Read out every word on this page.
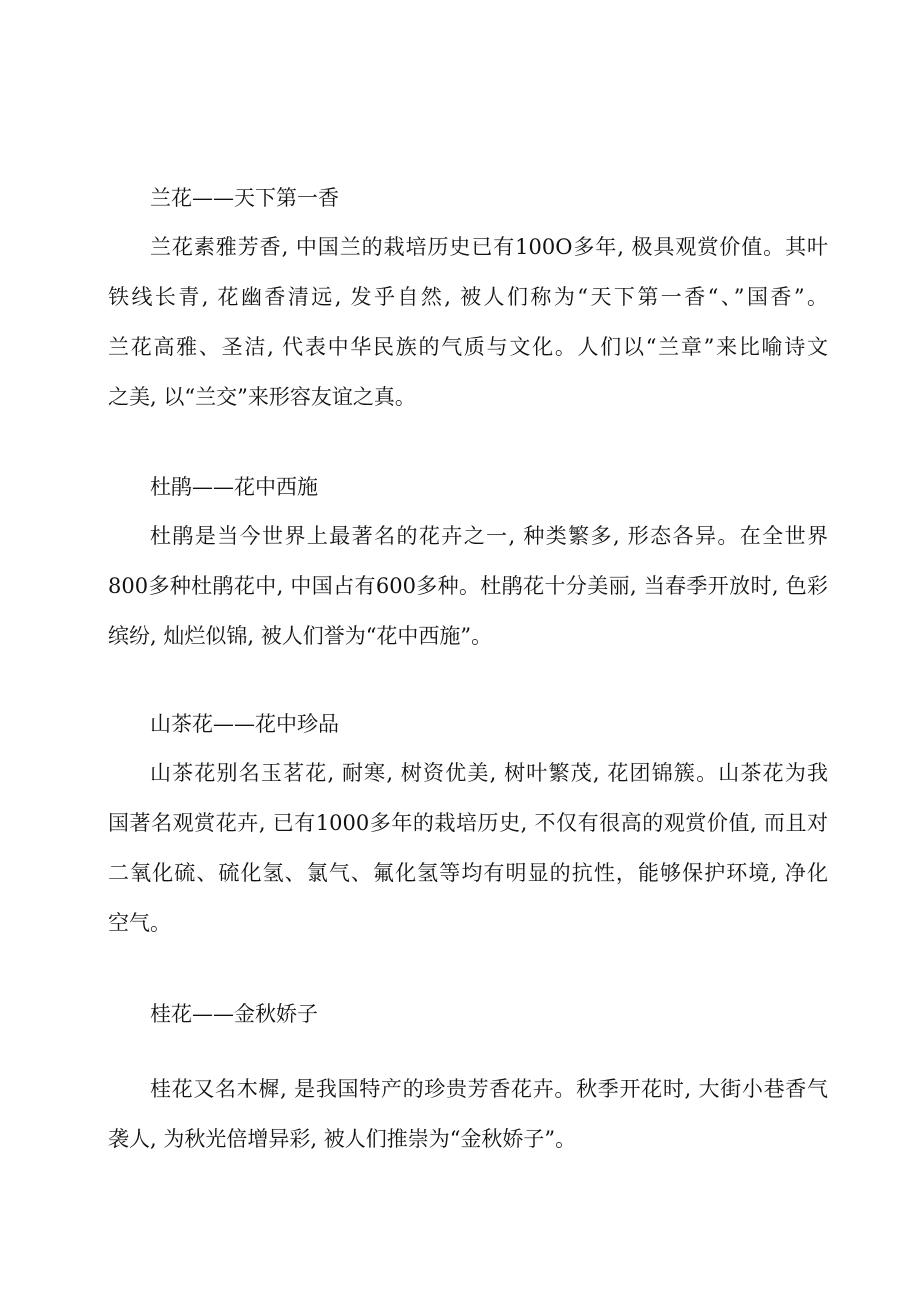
兰花——天下第一香
兰花素雅芳香, 中国兰的栽培历史已有100O多年, 极具观赏价值。其叶
铁线长青, 花幽香清远, 发乎自然, 被人们称为“天下第一香“、”国香”。
兰花高雅、圣洁, 代表中华民族的气质与文化。人们以“兰章”来比喻诗文
之美, 以“兰交”来形容友谊之真。
杜鹃——花中西施
杜鹃是当今世界上最著名的花卉之一, 种类繁多, 形态各异。在全世界
800多种杜鹃花中, 中国占有600多种。杜鹃花十分美丽, 当春季开放时, 色彩
缤纷, 灿烂似锦, 被人们誉为“花中西施”。
山茶花——花中珍品
山茶花别名玉茗花, 耐寒, 树资优美, 树叶繁茂, 花团锦簇。山茶花为我
国著名观赏花卉, 已有1000多年的栽培历史, 不仅有很高的观赏价值, 而且对
二氧化硫、硫化氢、氯气、氟化氢等均有明显的抗性，能够保护环境, 净化
空气。
桂花——金秋娇子
桂花又名木樨, 是我国特产的珍贵芳香花卉。秋季开花时, 大街小巷香气
袭人, 为秋光倍增异彩, 被人们推崇为“金秋娇子”。
